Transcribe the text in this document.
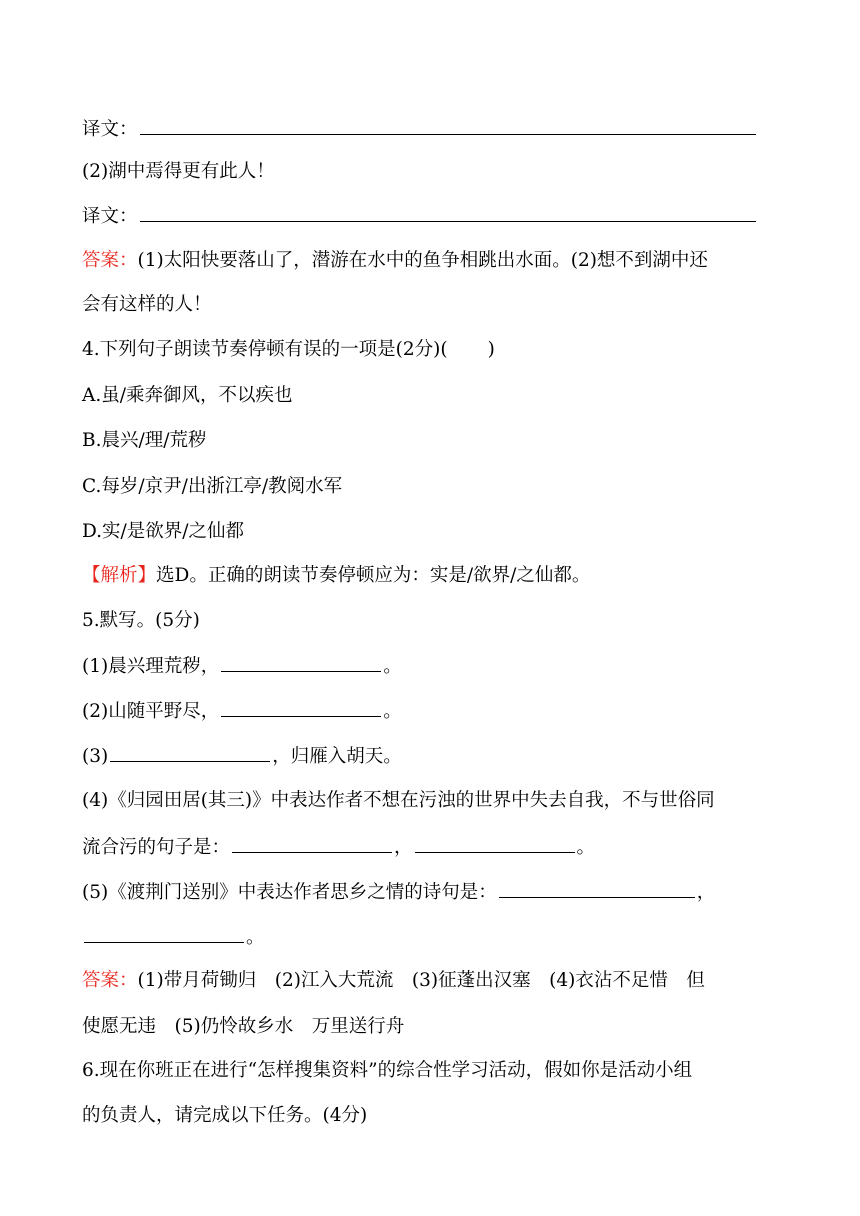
译文：
(2)湖中焉得更有此人！
译文：
答案：(1)太阳快要落山了，潜游在水中的鱼争相跳出水面。(2)想不到湖中还
会有这样的人！
4.下列句子朗读节奏停顿有误的一项是(2分)( )
A.虽/乘奔御风，不以疾也
B.晨兴/理/荒秽
C.每岁/京尹/出浙江亭/教阅水军
D.实/是欲界/之仙都
【解析】选D。正确的朗读节奏停顿应为：实是/欲界/之仙都。
5.默写。(5分)
(1)晨兴理荒秽，	。
(2)山随平野尽，	。
(3)	，归雁入胡天。
(4)《归园田居(其三)》中表达作者不想在污浊的世界中失去自我，不与世俗同
流合污的句子是：	，	。
(5)《渡荆门送别》中表达作者思乡之情的诗句是：	，
。
答案：(1)带月荷锄归　(2)江入大荒流　(3)征蓬出汉塞　(4)衣沾不足惜　但
使愿无违　(5)仍怜故乡水　万里送行舟
6.现在你班正在进行“怎样搜集资料”的综合性学习活动，假如你是活动小组
的负责人，请完成以下任务。(4分)
